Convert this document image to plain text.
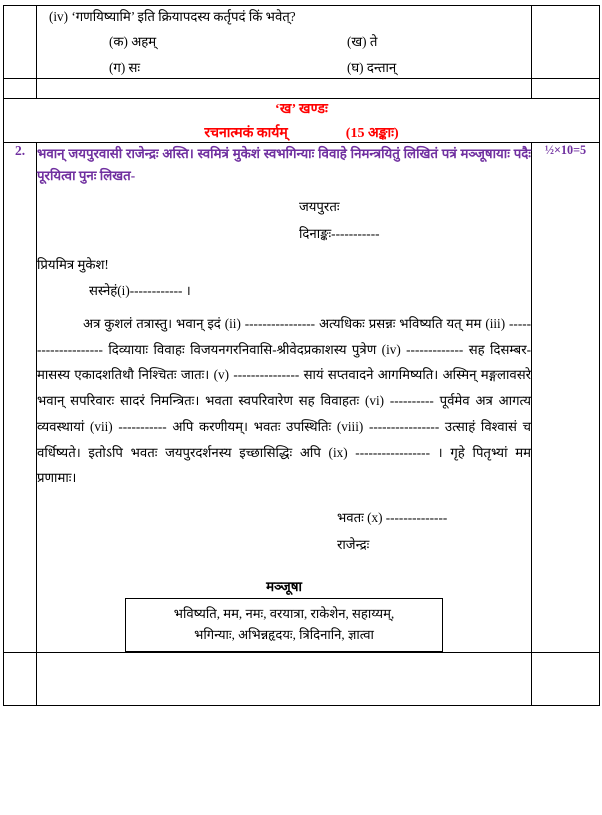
	(iv) ‘गणयिष्यामि’ इति क्रियापदस्य कर्तृपदं किं भवेत्?

(क) अहम् (ख) ते
(ग) सः (घ) दन्तान्	

‘ख’ खण्डः
रचनात्मकं कार्यम् (15 अङ्काः)		
2.	भवान् जयपुरवासी राजेन्द्रः अस्ति। स्वमित्रं मुकेशं स्वभगिन्याः विवाहे निमन्त्रयितुं लिखितं पत्रं मञ्जूषायाः पदैः पूरयित्वा पुनः लिखत-

जयपुरतः
दिनाङ्कः-----------
प्रियमित्र मुकेश!
सस्नेहं(i)------------ ।

अत्र कुशलं तत्रास्तु। भवान् इदं (ii) ---------------- अत्यधिकः प्रसन्नः भविष्यति यत् मम (iii) -------------------- दिव्यायाः विवाहः विजयनगरनिवासि-श्रीवेदप्रकाशस्य पुत्रेण (iv) ------------- सह दिसम्बर-मासस्य एकादशतिथौ निश्चितः जातः। (v) --------------- सायं सप्तवादने आगमिष्यति। अस्मिन् मङ्गलावसरे भवान् सपरिवारः सादरं निमन्त्रितः। भवता स्वपरिवारेण सह विवाहतः (vi) ---------- पूर्वमेव अत्र आगत्य व्यवस्थायां (vii) ----------- अपि करणीयम्। भवतः उपस्थितिः (viii) ---------------- उत्साहं विश्वासं च वर्धिष्यते। इतोऽपि भवतः जयपुरदर्शनस्य इच्छासिद्धिः अपि (ix) ----------------- । गृहे पितृभ्यां मम प्रणामाः।

भवतः (x) --------------
राजेन्द्रः
मञ्जूषा

भविष्यति, मम, नमः, वरयात्रा, राकेशेन, सहाय्यम्,

भगिन्याः, अभिन्नहृदयः, त्रिदिनानि, ज्ञात्वा

	½×10=5
